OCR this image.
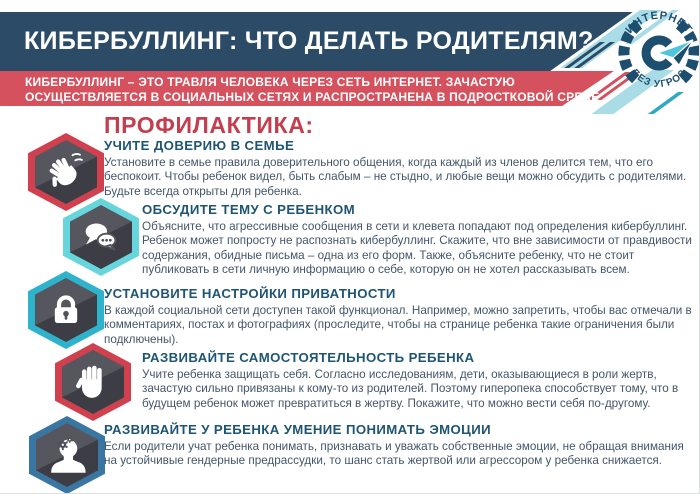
КИБЕРБУЛЛИНГ: ЧТО ДЕЛАТЬ РОДИТЕЛЯМ?
КИБЕРБУЛЛИНГ – ЭТО ТРАВЛЯ ЧЕЛОВЕКА ЧЕРЕЗ СЕТЬ ИНТЕРНЕТ. ЗАЧАСТУЮ
ОСУЩЕСТВЛЯЕТСЯ В СОЦИАЛЬНЫХ СЕТЯХ И РАСПРОСТРАНЕНА В ПОДРОСТКОВОЙ СРЕДЕ
ИНТЕРНЕТ
БЕЗ УГРОЗ
ПРОФИЛАКТИКА:
УЧИТЕ ДОВЕРИЮ В СЕМЬЕ
Установите в семье правила доверительного общения, когда каждый из членов делится тем, что его беспокоит. Чтобы ребенок видел, быть слабым – не стыдно, и любые вещи можно обсудить с родителями. Будьте всегда открыты для ребенка.
ОБСУДИТЕ ТЕМУ С РЕБЕНКОМ
Объясните, что агрессивные сообщения в сети и клевета попадают под определения кибербуллинг. Ребенок может попросту не распознать кибербуллинг. Скажите, что вне зависимости от правдивости содержания, обидные письма – одна из его форм. Также, объясните ребенку, что не стоит публиковать в сети личную информацию о себе, которую он не хотел рассказывать всем.
УСТАНОВИТЕ НАСТРОЙКИ ПРИВАТНОСТИ
В каждой социальной сети доступен такой функционал. Например, можно запретить, чтобы вас отмечали в комментариях, постах и фотографиях (проследите, чтобы на странице ребенка такие ограничения были подключены).
РАЗВИВАЙТЕ САМОСТОЯТЕЛЬНОСТЬ РЕБЕНКА
Учите ребенка защищать себя. Согласно исследованиям, дети, оказывающиеся в роли жертв, зачастую сильно привязаны к кому-то из родителей. Поэтому гиперопека способствует тому, что в будущем ребенок может превратиться в жертву. Покажите, что можно вести себя по-другому.
РАЗВИВАЙТЕ У РЕБЕНКА УМЕНИЕ ПОНИМАТЬ ЭМОЦИИ
Если родители учат ребенка понимать, признавать и уважать собственные эмоции, не обращая внимания на устойчивые гендерные предрассудки, то шанс стать жертвой или агрессором у ребенка снижается.
